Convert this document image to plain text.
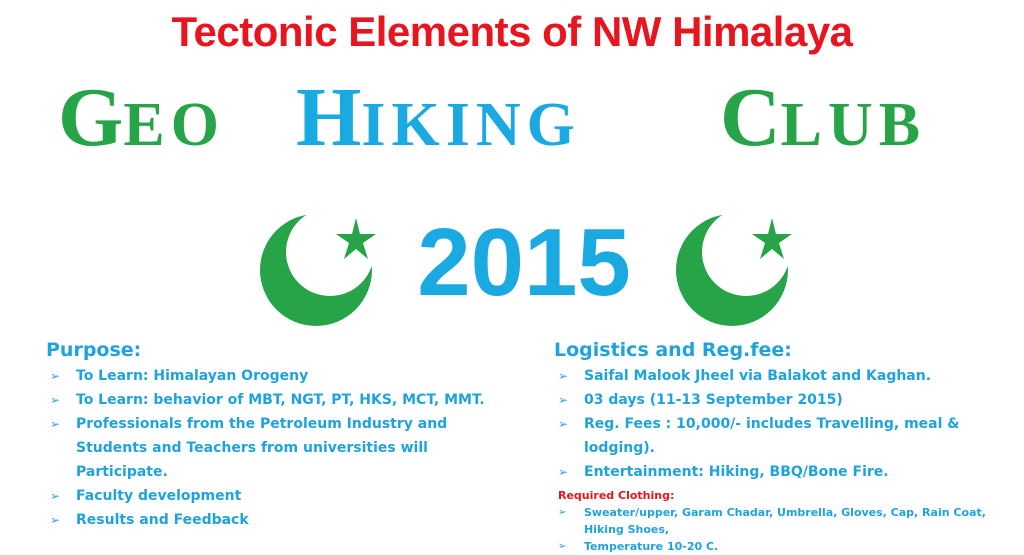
Tectonic Elements of NW Himalaya
GEO HIKING CLUB
2015
Purpose:
➢ To Learn: Himalayan Orogeny
➢ To Learn: behavior of MBT, NGT, PT, HKS, MCT, MMT.
➢ Professionals from the Petroleum Industry and Students and Teachers from universities will Participate.
➢ Faculty development
➢ Results and Feedback
Logistics and Reg.fee:
➢ Saifal Malook Jheel via Balakot and Kaghan.
➢ 03 days (11-13 September 2015)
➢ Reg. Fees : 10,000/- includes Travelling, meal & lodging).
➢ Entertainment: Hiking, BBQ/Bone Fire.
Required Clothing:
➢ Sweater/upper, Garam Chadar, Umbrella, Gloves, Cap, Rain Coat, Hiking Shoes,
➢ Temperature 10-20 C.
